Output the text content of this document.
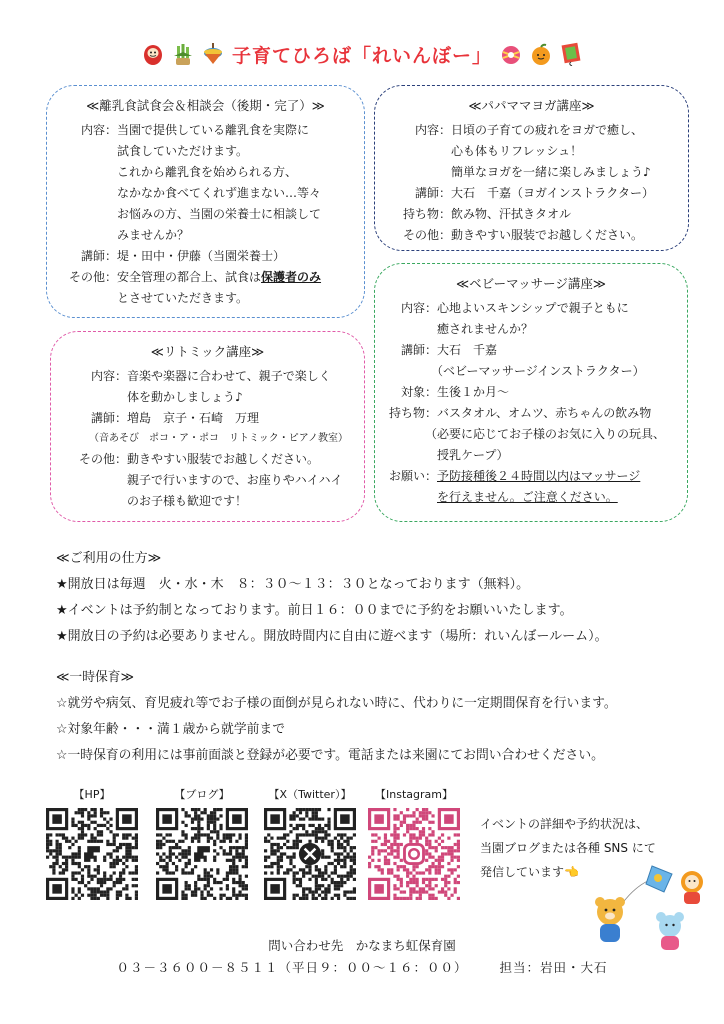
子育てひろば「れいんぼー」
≪離乳食試食会＆相談会（後期・完了）≫
内容： 当園で提供している離乳食を実際に

試食していただけます。

これから離乳食を始められる方、

なかなか食べてくれず進まない…等々

お悩みの方、当園の栄養士に相談して

みませんか？

講師： 堤・田中・伊藤（当園栄養士）
その他： 安全管理の都合上、試食は保護者のみ

とさせていただきます。

≪パパママヨガ講座≫
内容： 日頃の子育ての疲れをヨガで癒し、

心も体もリフレッシュ！

簡単なヨガを一緒に楽しみましょう♪

講師： 大石　千嘉（ヨガインストラクター）
持ち物： 飲み物、汗拭きタオル
その他： 動きやすい服装でお越しください。
≪リトミック講座≫
内容： 音楽や楽器に合わせて、親子で楽しく

体を動かしましょう♪

講師： 増島　京子・石崎　万理
（音あそび　ポコ・ア・ポコ　リトミック・ピアノ教室）
その他： 動きやすい服装でお越しください。

親子で行いますので、お座りやハイハイ

のお子様も歓迎です！

≪ベビーマッサージ講座≫
内容： 心地よいスキンシップで親子ともに

癒されませんか？

講師： 大石　千嘉

（ベビーマッサージインストラクター）

対象： 生後１か月～
持ち物： バスタオル、オムツ、赤ちゃんの飲み物

（必要に応じてお子様のお気に入りの玩具、

授乳ケープ）

お願い： 予防接種後２４時間以内はマッサージ

を行えません。ご注意ください。

≪ご利用の仕方≫

★開放日は毎週　火・水・木　８：３０～１３：３０となっております（無料）。

★イベントは予約制となっております。前日１６：００までに予約をお願いいたします。

★開放日の予約は必要ありません。開放時間内に自由に遊べます（場所：れいんぼールーム）。

≪一時保育≫

☆就労や病気、育児疲れ等でお子様の面倒が見られない時に、代わりに一定期間保育を行います。

☆対象年齢・・・満１歳から就学前まで

☆一時保育の利用には事前面談と登録が必要です。電話または来園にてお問い合わせください。

【HP】	【ブログ】	【X（Twitter）】	【Instagram】

イベントの詳細や予約状況は、

当園ブログまたは各種 SNS にて

発信しています👈

問い合わせ先　かなまち虹保育園
０３－３６００－８５１１（平日９：００～１６：００）	担当：岩田・大石
